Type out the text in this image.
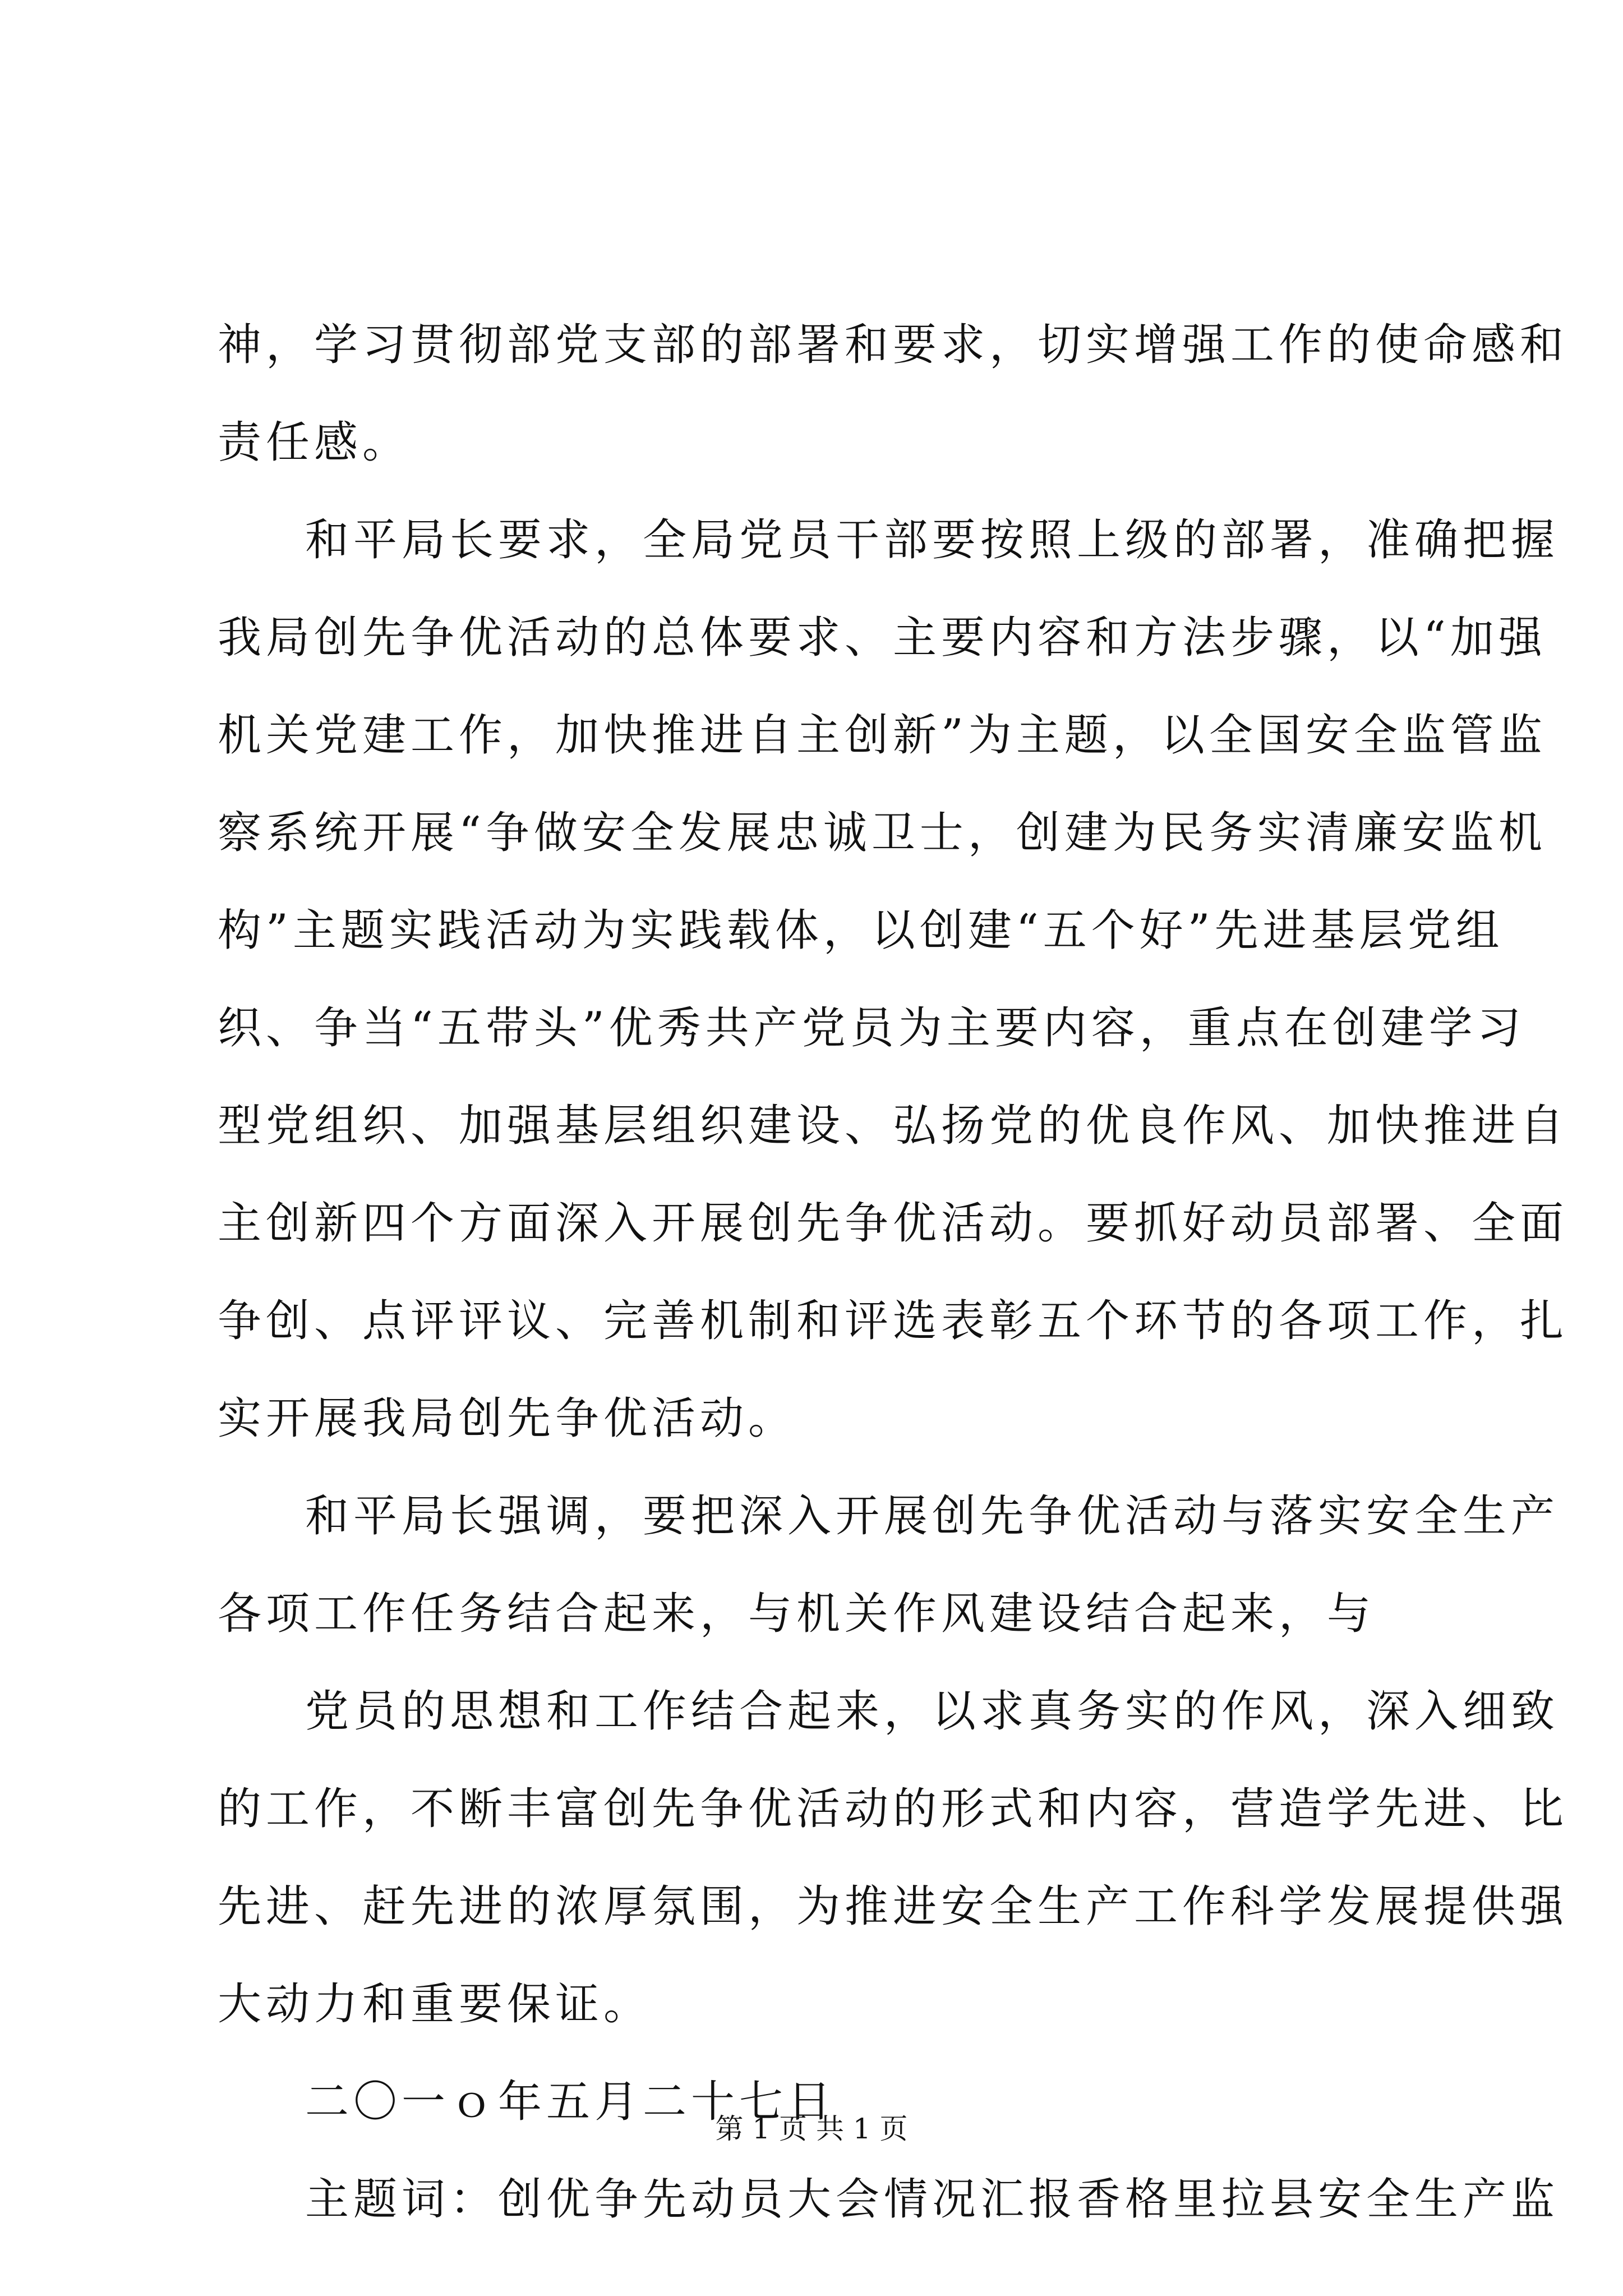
神，学习贯彻部党支部的部署和要求，切实增强工作的使命感和
责任感。
和平局长要求，全局党员干部要按照上级的部署，准确把握
我局创先争优活动的总体要求、主要内容和方法步骤，以“加强
机关党建工作，加快推进自主创新”为主题，以全国安全监管监
察系统开展“争做安全发展忠诚卫士，创建为民务实清廉安监机
构”主题实践活动为实践载体，以创建“五个好”先进基层党组
织、争当“五带头”优秀共产党员为主要内容，重点在创建学习
型党组织、加强基层组织建设、弘扬党的优良作风、加快推进自
主创新四个方面深入开展创先争优活动。要抓好动员部署、全面
争创、点评评议、完善机制和评选表彰五个环节的各项工作，扎
实开展我局创先争优活动。
和平局长强调，要把深入开展创先争优活动与落实安全生产
各项工作任务结合起来，与机关作风建设结合起来，与
党员的思想和工作结合起来，以求真务实的作风，深入细致
的工作，不断丰富创先争优活动的形式和内容，营造学先进、比
先进、赶先进的浓厚氛围，为推进安全生产工作科学发展提供强
大动力和重要保证。
二〇一ｏ年五月二十七日
主题词：创优争先动员大会情况汇报香格里拉县安全生产监
第 1 页 共 1 页
